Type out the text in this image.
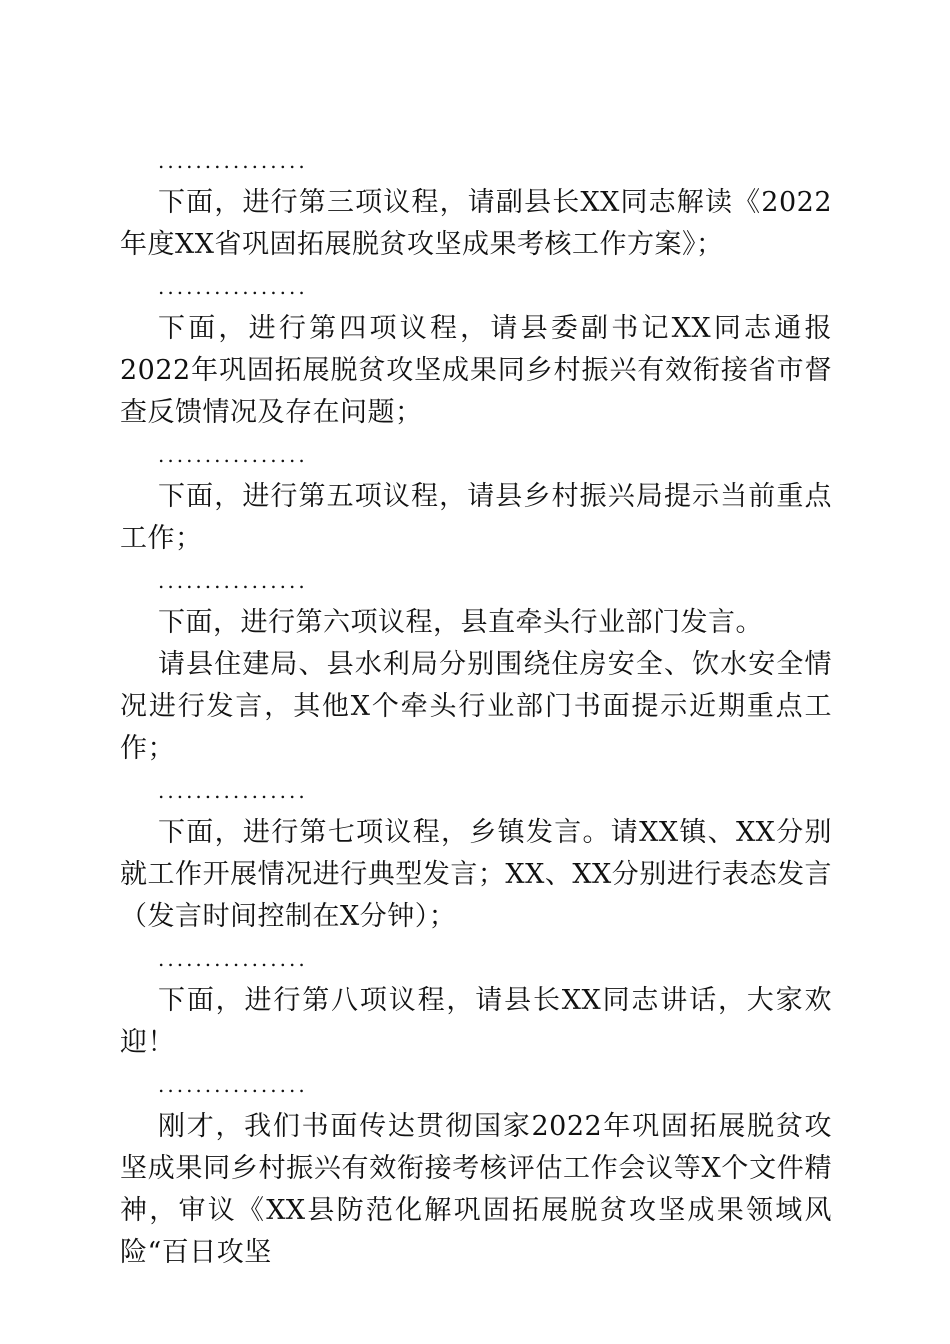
................

下面，进行第三项议程，请副县长XX同志解读《2022年度XX省巩固拓展脱贫攻坚成果考核工作方案》；

................

下面，进行第四项议程，请县委副书记XX同志通报2022年巩固拓展脱贫攻坚成果同乡村振兴有效衔接省市督查反馈情况及存在问题；

................

下面，进行第五项议程，请县乡村振兴局提示当前重点工作；

................

下面，进行第六项议程，县直牵头行业部门发言。

请县住建局、县水利局分别围绕住房安全、饮水安全情况进行发言，其他X个牵头行业部门书面提示近期重点工作；

................

下面，进行第七项议程，乡镇发言。请XX镇、XX分别就工作开展情况进行典型发言；XX、XX分别进行表态发言（发言时间控制在X分钟）；

................

下面，进行第八项议程，请县长XX同志讲话，大家欢迎！

................

刚才，我们书面传达贯彻国家2022年巩固拓展脱贫攻坚成果同乡村振兴有效衔接考核评估工作会议等X个文件精神，审议《XX县防范化解巩固拓展脱贫攻坚成果领域风险“百日攻坚
